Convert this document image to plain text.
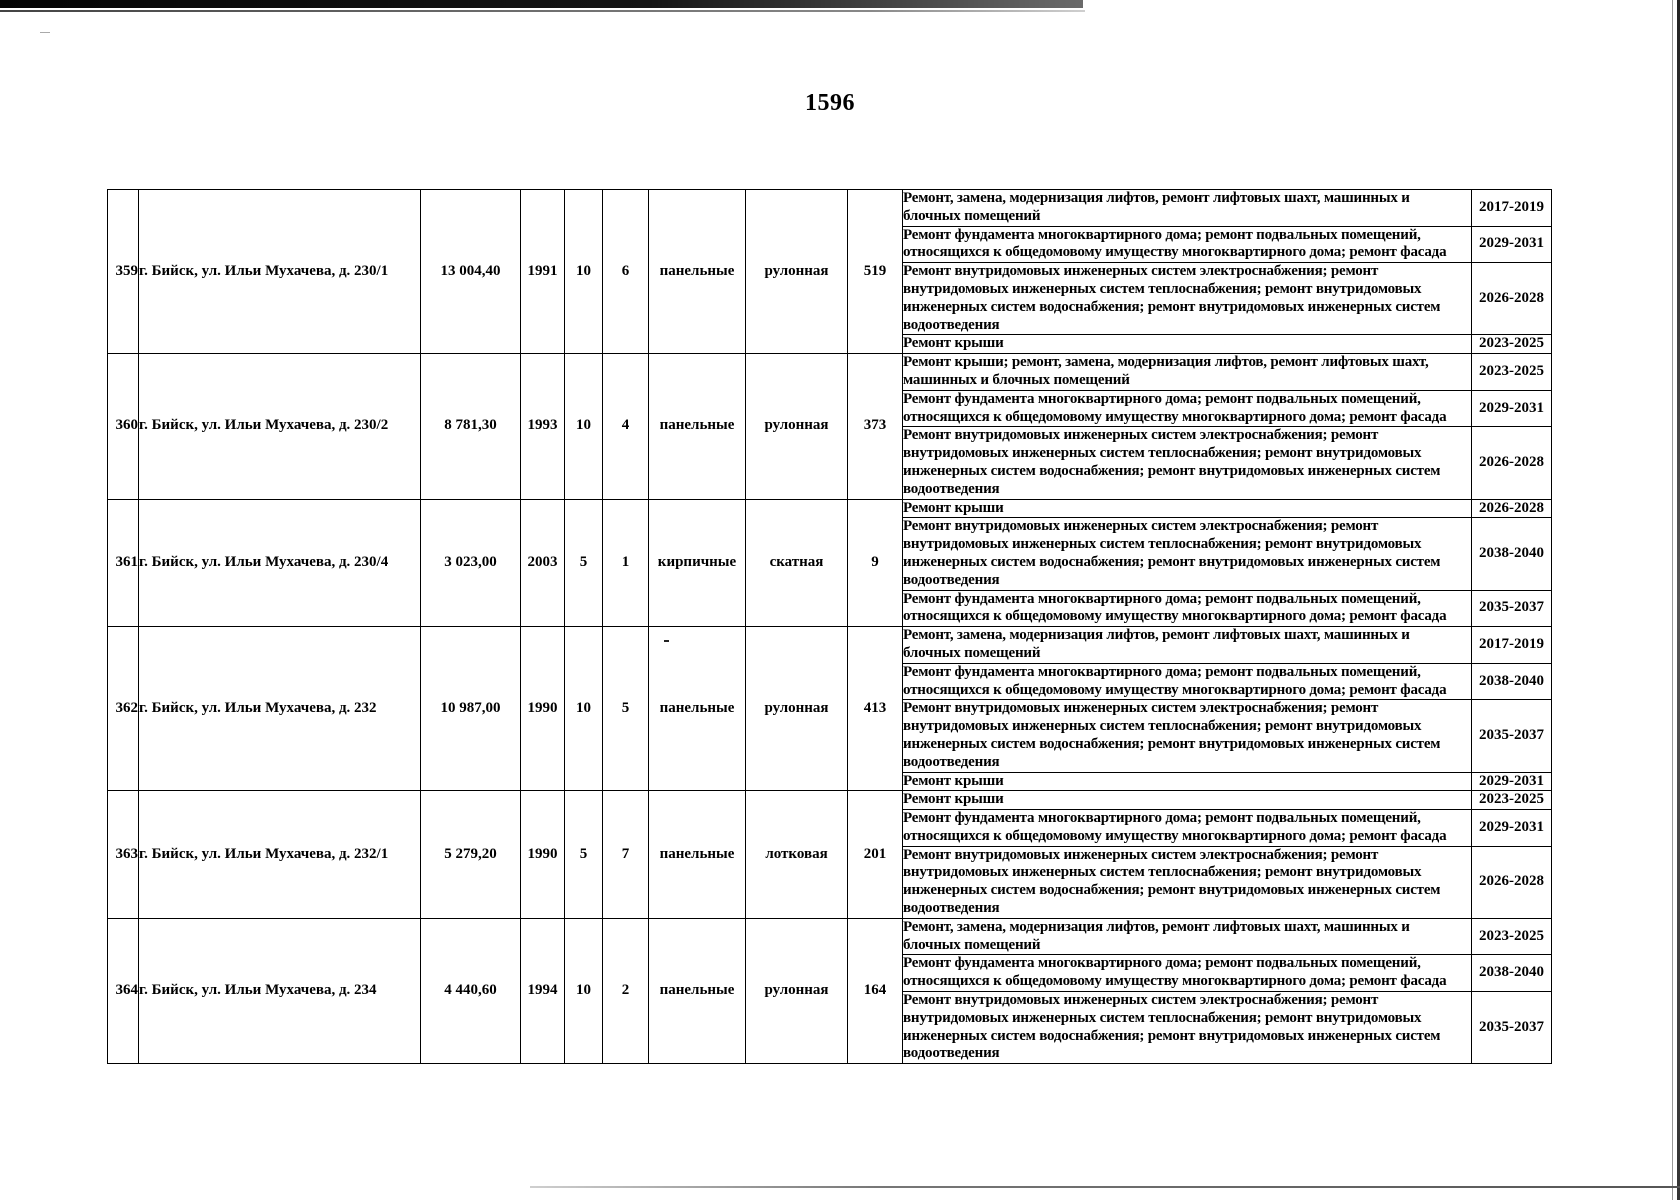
1596
359	г. Бийск, ул. Ильи Мухачева, д. 230/1	13 004,40	1991	10	6	панельные	рулонная	519	Ремонт, замена, модернизация лифтов, ремонт лифтовых шахт, машинных и
блочных помещений	2017-2019

									Ремонт фундамента многоквартирного дома; ремонт подвальных помещений,
относящихся к общедомовому имуществу многоквартирного дома; ремонт фасада	2029-2031

									Ремонт внутридомовых инженерных систем электроснабжения; ремонт
внутридомовых инженерных систем теплоснабжения; ремонт внутридомовых
инженерных систем водоснабжения; ремонт внутридомовых инженерных систем
водоотведения	2026-2028

									Ремонт крыши	2023-2025
360	г. Бийск, ул. Ильи Мухачева, д. 230/2	8 781,30	1993	10	4	панельные	рулонная	373	Ремонт крыши; ремонт, замена, модернизация лифтов, ремонт лифтовых шахт,
машинных и блочных помещений	2023-2025

									Ремонт фундамента многоквартирного дома; ремонт подвальных помещений,
относящихся к общедомовому имуществу многоквартирного дома; ремонт фасада	2029-2031

									Ремонт внутридомовых инженерных систем электроснабжения; ремонт
внутридомовых инженерных систем теплоснабжения; ремонт внутридомовых
инженерных систем водоснабжения; ремонт внутридомовых инженерных систем
водоотведения	2026-2028
361	г. Бийск, ул. Ильи Мухачева, д. 230/4	3 023,00	2003	5	1	кирпичные	скатная	9	Ремонт крыши	2026-2028

									Ремонт внутридомовых инженерных систем электроснабжения; ремонт
внутридомовых инженерных систем теплоснабжения; ремонт внутридомовых
инженерных систем водоснабжения; ремонт внутридомовых инженерных систем
водоотведения	2038-2040

									Ремонт фундамента многоквартирного дома; ремонт подвальных помещений,
относящихся к общедомовому имуществу многоквартирного дома; ремонт фасада	2035-2037
362	г. Бийск, ул. Ильи Мухачева, д. 232	10 987,00	1990	10	5	панельные	рулонная	413	Ремонт, замена, модернизация лифтов, ремонт лифтовых шахт, машинных и
блочных помещений	2017-2019

									Ремонт фундамента многоквартирного дома; ремонт подвальных помещений,
относящихся к общедомовому имуществу многоквартирного дома; ремонт фасада	2038-2040

									Ремонт внутридомовых инженерных систем электроснабжения; ремонт
внутридомовых инженерных систем теплоснабжения; ремонт внутридомовых
инженерных систем водоснабжения; ремонт внутридомовых инженерных систем
водоотведения	2035-2037

									Ремонт крыши	2029-2031
363	г. Бийск, ул. Ильи Мухачева, д. 232/1	5 279,20	1990	5	7	панельные	лотковая	201	Ремонт крыши	2023-2025

									Ремонт фундамента многоквартирного дома; ремонт подвальных помещений,
относящихся к общедомовому имуществу многоквартирного дома; ремонт фасада	2029-2031

									Ремонт внутридомовых инженерных систем электроснабжения; ремонт
внутридомовых инженерных систем теплоснабжения; ремонт внутридомовых
инженерных систем водоснабжения; ремонт внутридомовых инженерных систем
водоотведения	2026-2028
364	г. Бийск, ул. Ильи Мухачева, д. 234	4 440,60	1994	10	2	панельные	рулонная	164	Ремонт, замена, модернизация лифтов, ремонт лифтовых шахт, машинных и
блочных помещений	2023-2025

									Ремонт фундамента многоквартирного дома; ремонт подвальных помещений,
относящихся к общедомовому имуществу многоквартирного дома; ремонт фасада	2038-2040

									Ремонт внутридомовых инженерных систем электроснабжения; ремонт
внутридомовых инженерных систем теплоснабжения; ремонт внутридомовых
инженерных систем водоснабжения; ремонт внутридомовых инженерных систем
водоотведения	2035-2037
